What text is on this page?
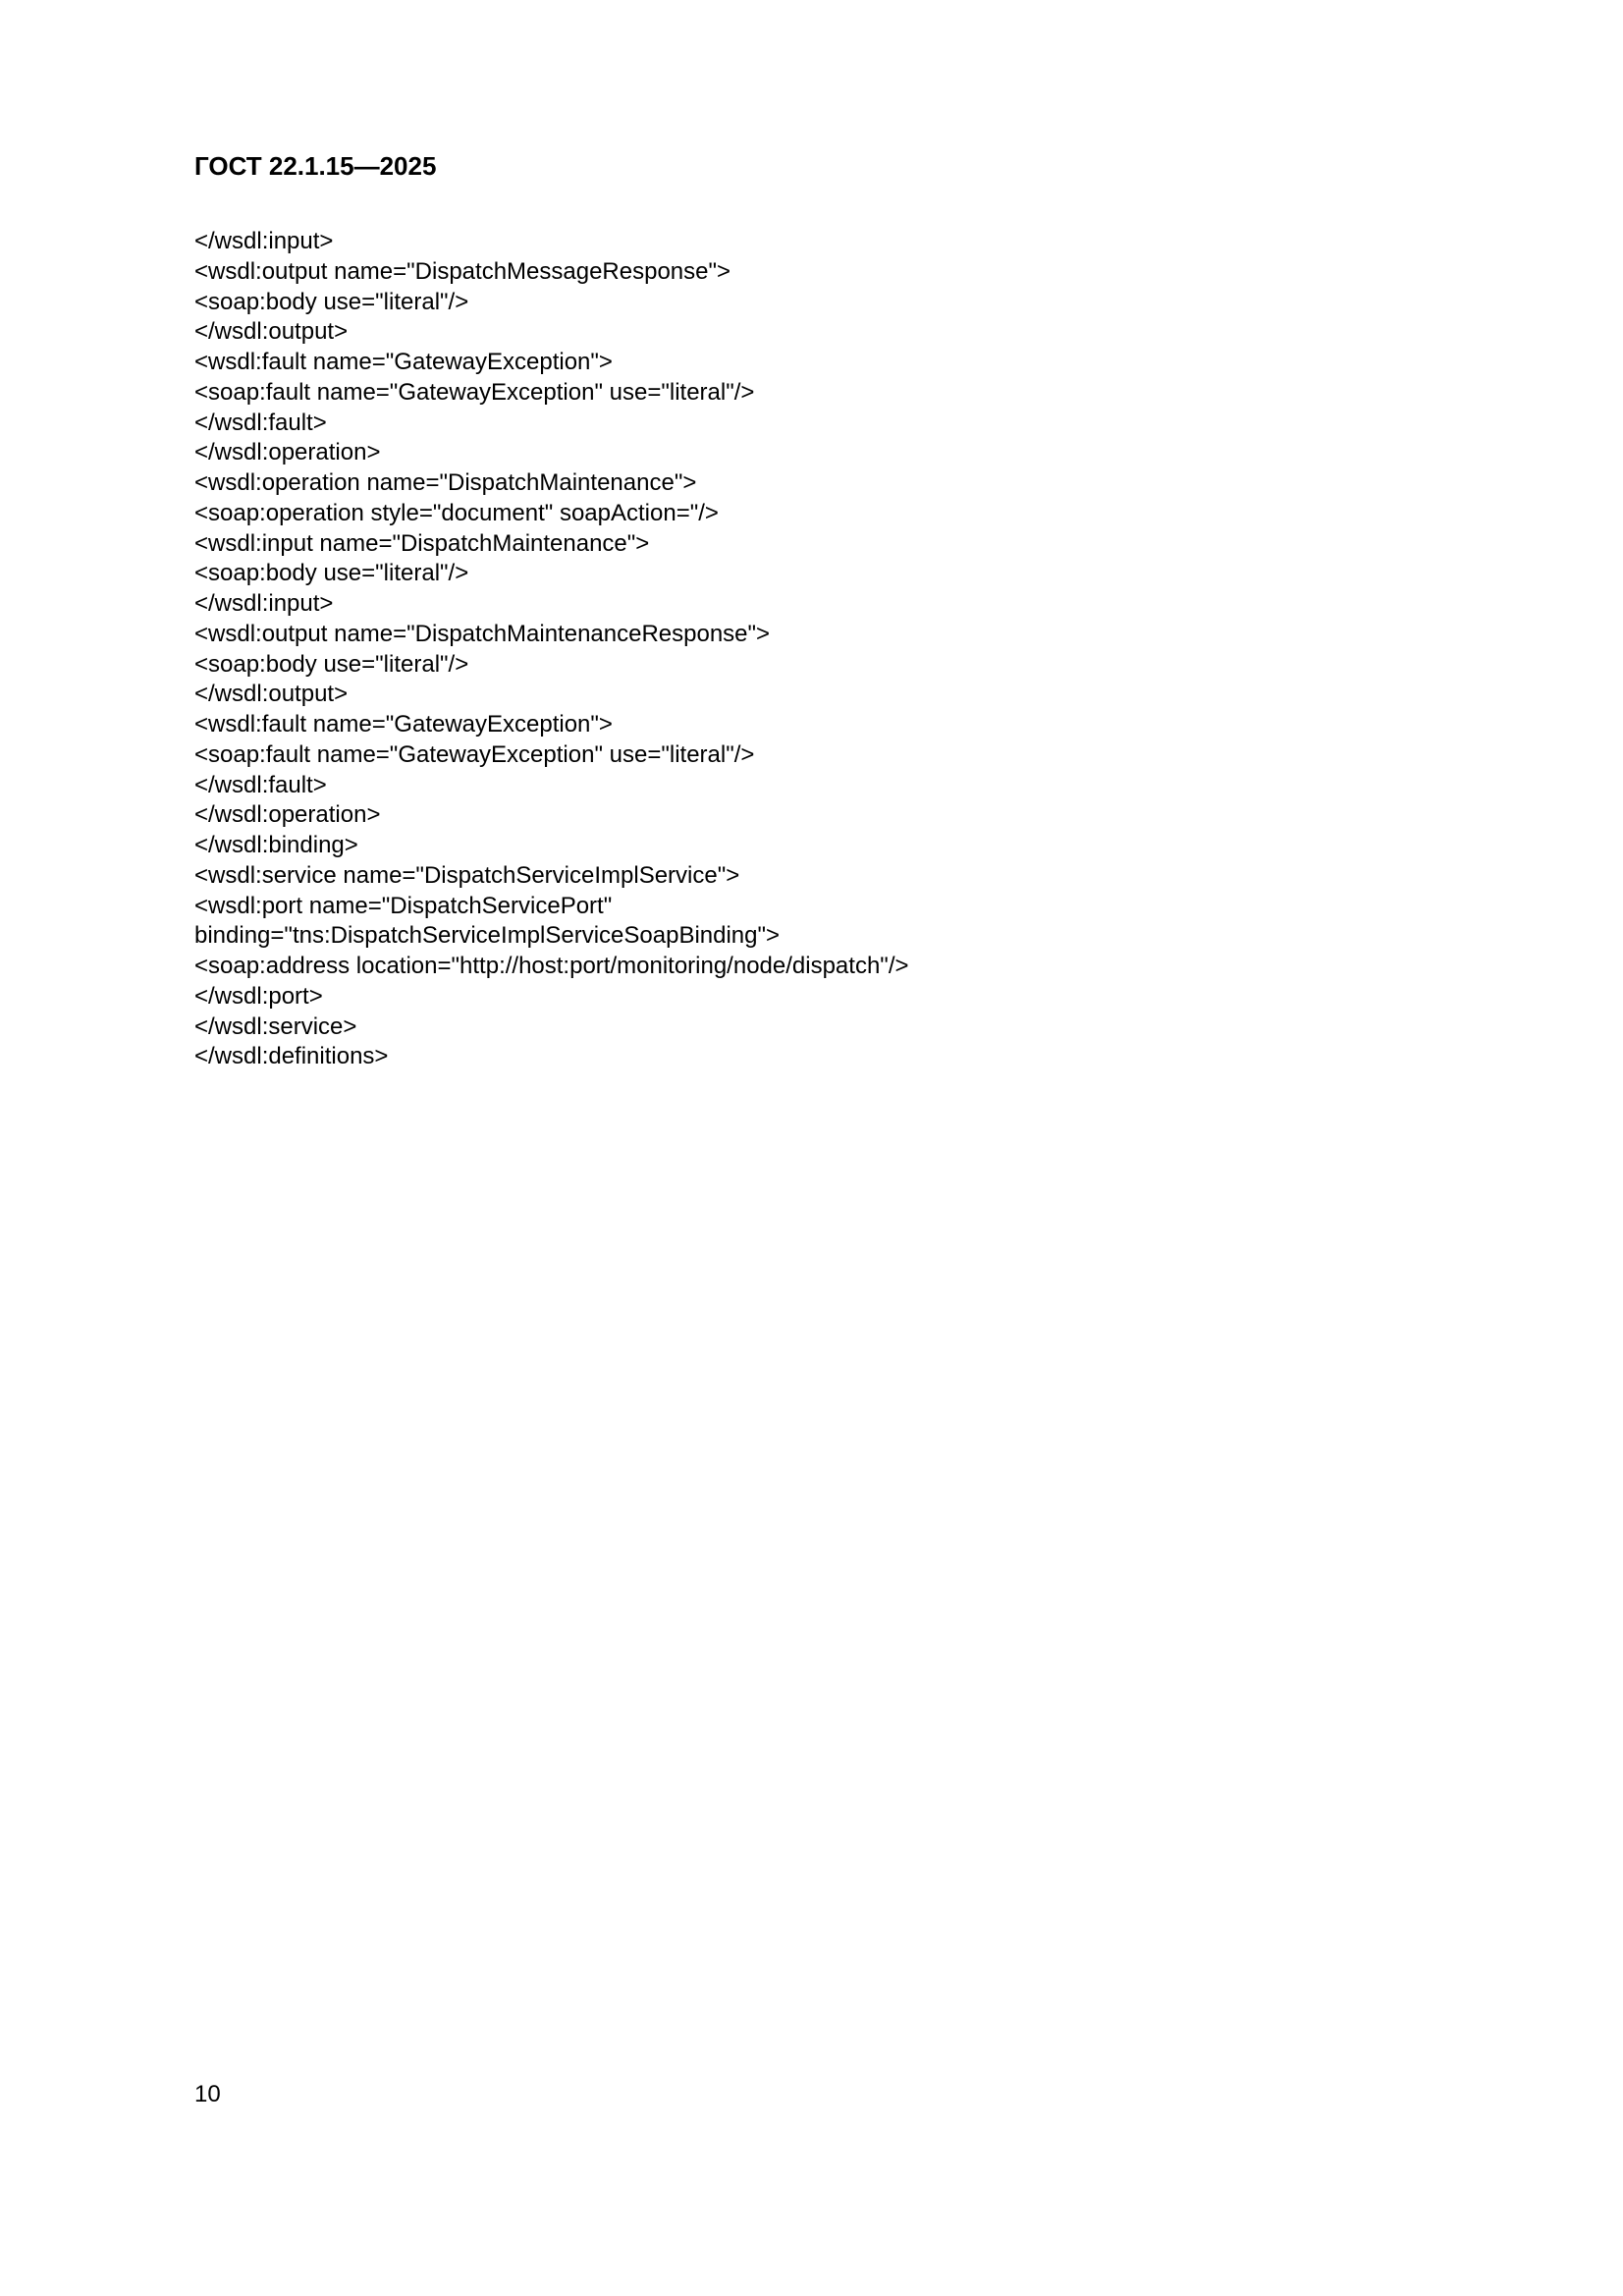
ГОСТ 22.1.15—2025
</wsdl:input>
<wsdl:output name="DispatchMessageResponse">
<soap:body use="literal"/>
</wsdl:output>
<wsdl:fault name="GatewayException">
<soap:fault name="GatewayException" use="literal"/>
</wsdl:fault>
</wsdl:operation>
<wsdl:operation name="DispatchMaintenance">
<soap:operation style="document" soapAction="/>
<wsdl:input name="DispatchMaintenance">
<soap:body use="literal"/>
</wsdl:input>
<wsdl:output name="DispatchMaintenanceResponse">
<soap:body use="literal"/>
</wsdl:output>
<wsdl:fault name="GatewayException">
<soap:fault name="GatewayException" use="literal"/>
</wsdl:fault>
</wsdl:operation>
</wsdl:binding>
<wsdl:service name="DispatchServiceImplService">
<wsdl:port name="DispatchServicePort"
binding="tns:DispatchServiceImplServiceSoapBinding">
<soap:address location="http://host:port/monitoring/node/dispatch"/>
</wsdl:port>
</wsdl:service>
</wsdl:definitions>
10
